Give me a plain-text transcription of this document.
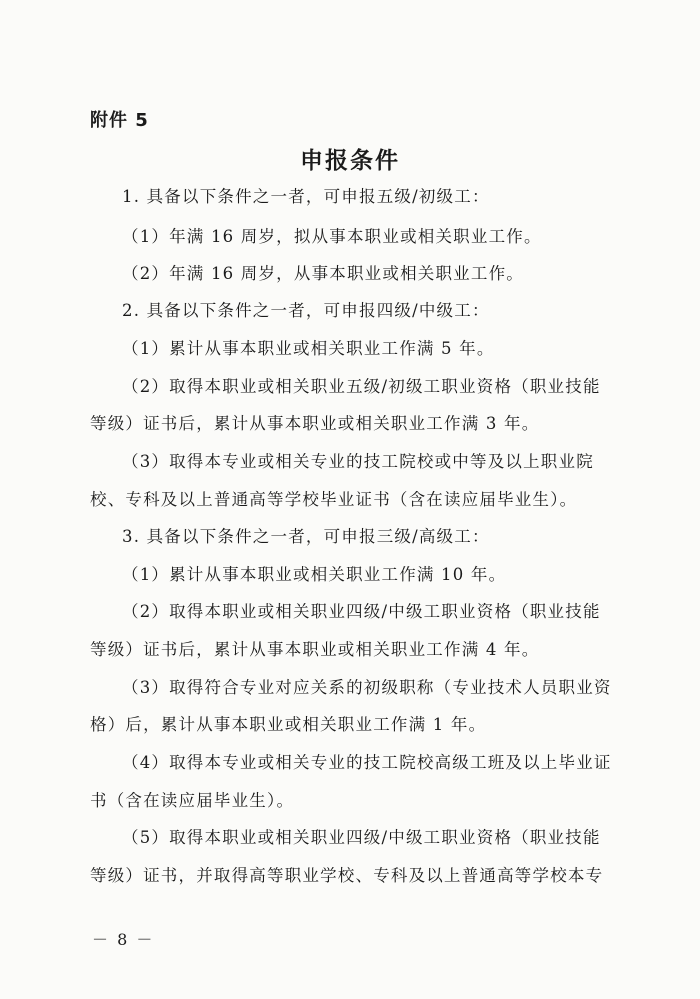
附件 5
申报条件
1. 具备以下条件之一者，可申报五级/初级工：
（1）年满 16 周岁，拟从事本职业或相关职业工作。
（2）年满 16 周岁，从事本职业或相关职业工作。
2. 具备以下条件之一者，可申报四级/中级工：
（1）累计从事本职业或相关职业工作满 5 年。
（2）取得本职业或相关职业五级/初级工职业资格（职业技能
等级）证书后，累计从事本职业或相关职业工作满 3 年。
（3）取得本专业或相关专业的技工院校或中等及以上职业院
校、专科及以上普通高等学校毕业证书（含在读应届毕业生）。
3. 具备以下条件之一者，可申报三级/高级工：
（1）累计从事本职业或相关职业工作满 10 年。
（2）取得本职业或相关职业四级/中级工职业资格（职业技能
等级）证书后，累计从事本职业或相关职业工作满 4 年。
（3）取得符合专业对应关系的初级职称（专业技术人员职业资
格）后，累计从事本职业或相关职业工作满 1 年。
（4）取得本专业或相关专业的技工院校高级工班及以上毕业证
书（含在读应届毕业生）。
（5）取得本职业或相关职业四级/中级工职业资格（职业技能
等级）证书，并取得高等职业学校、专科及以上普通高等学校本专
－ 8 －
